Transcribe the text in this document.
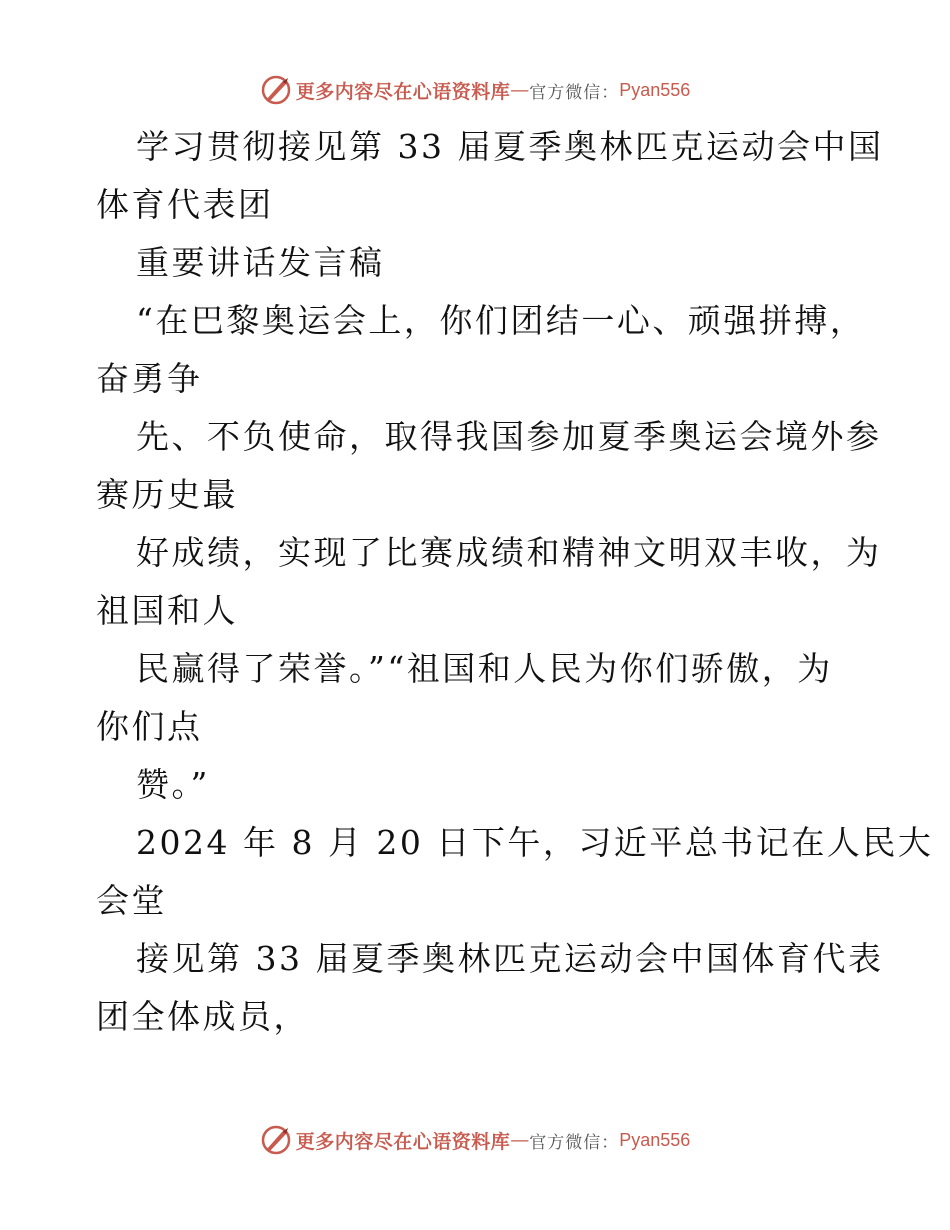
更多内容尽在心语资料库 — 官方微信： Pyan556
学习贯彻接见第 33 届夏季奥林匹克运动会中国
体育代表团
重要讲话发言稿
“在巴黎奥运会上，你们团结一心、顽强拼搏，
奋勇争
先、不负使命，取得我国参加夏季奥运会境外参
赛历史最
好成绩，实现了比赛成绩和精神文明双丰收，为
祖国和人
民赢得了荣誉。”“祖国和人民为你们骄傲，为
你们点
赞。”
2024 年 8 月 20 日下午，习近平总书记在人民大
会堂
接见第 33 届夏季奥林匹克运动会中国体育代表
团全体成员，
更多内容尽在心语资料库 — 官方微信： Pyan556
